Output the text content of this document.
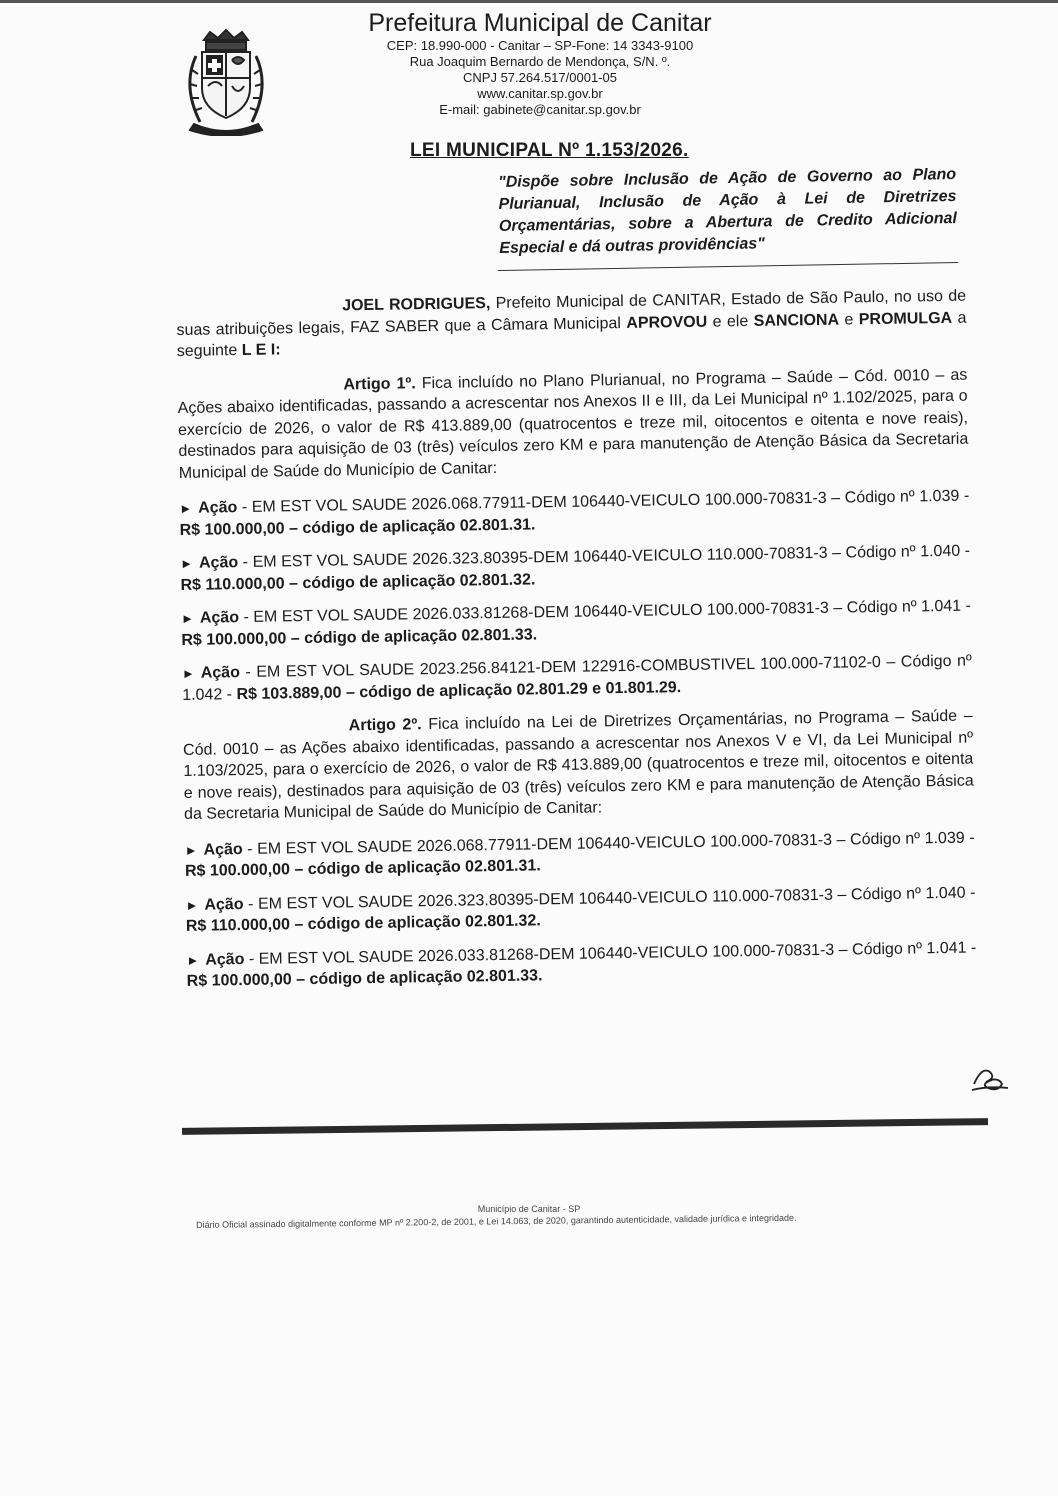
Prefeitura Municipal de Canitar
CEP: 18.990-000 - Canitar – SP-Fone: 14 3343-9100
Rua Joaquim Bernardo de Mendonça, S/N. º.
CNPJ 57.264.517/0001-05
www.canitar.sp.gov.br
E-mail: gabinete@canitar.sp.gov.br
LEI MUNICIPAL Nº 1.153/2026.
"Dispõe sobre Inclusão de Ação de Governo ao Plano Plurianual, Inclusão de Ação à Lei de Diretrizes Orçamentárias, sobre a Abertura de Credito Adicional Especial e dá outras providências"

JOEL RODRIGUES, Prefeito Municipal de CANITAR, Estado de São Paulo, no uso de suas atribuições legais, FAZ SABER que a Câmara Municipal APROVOU e ele SANCIONA e PROMULGA a seguinte L E I:

Artigo 1º. Fica incluído no Plano Plurianual, no Programa – Saúde – Cód. 0010 – as Ações abaixo identificadas, passando a acrescentar nos Anexos II e III, da Lei Municipal nº 1.102/2025, para o exercício de 2026, o valor de R$ 413.889,00 (quatrocentos e treze mil, oitocentos e oitenta e nove reais), destinados para aquisição de 03 (três) veículos zero KM e para manutenção de Atenção Básica da Secretaria Municipal de Saúde do Município de Canitar:

► Ação - EM EST VOL SAUDE 2026.068.77911-DEM 106440-VEICULO 100.000-70831-3 – Código nº 1.039 - R$ 100.000,00 – código de aplicação 02.801.31.

► Ação - EM EST VOL SAUDE 2026.323.80395-DEM 106440-VEICULO 110.000-70831-3 – Código nº 1.040 - R$ 110.000,00 – código de aplicação 02.801.32.

► Ação - EM EST VOL SAUDE 2026.033.81268-DEM 106440-VEICULO 100.000-70831-3 – Código nº 1.041 - R$ 100.000,00 – código de aplicação 02.801.33.

► Ação - EM EST VOL SAUDE 2023.256.84121-DEM 122916-COMBUSTIVEL 100.000-71102-0 – Código nº 1.042 - R$ 103.889,00 – código de aplicação 02.801.29 e 01.801.29.

Artigo 2º. Fica incluído na Lei de Diretrizes Orçamentárias, no Programa – Saúde – Cód. 0010 – as Ações abaixo identificadas, passando a acrescentar nos Anexos V e VI, da Lei Municipal nº 1.103/2025, para o exercício de 2026, o valor de R$ 413.889,00 (quatrocentos e treze mil, oitocentos e oitenta e nove reais), destinados para aquisição de 03 (três) veículos zero KM e para manutenção de Atenção Básica da Secretaria Municipal de Saúde do Município de Canitar:

► Ação - EM EST VOL SAUDE 2026.068.77911-DEM 106440-VEICULO 100.000-70831-3 – Código nº 1.039 - R$ 100.000,00 – código de aplicação 02.801.31.

► Ação - EM EST VOL SAUDE 2026.323.80395-DEM 106440-VEICULO 110.000-70831-3 – Código nº 1.040 - R$ 110.000,00 – código de aplicação 02.801.32.

► Ação - EM EST VOL SAUDE 2026.033.81268-DEM 106440-VEICULO 100.000-70831-3 – Código nº 1.041 - R$ 100.000,00 – código de aplicação 02.801.33.

Município de Canitar - SP
Diário Oficial assinado digitalmente conforme MP nº 2.200-2, de 2001, e Lei 14.063, de 2020, garantindo autenticidade, validade jurídica e integridade.
